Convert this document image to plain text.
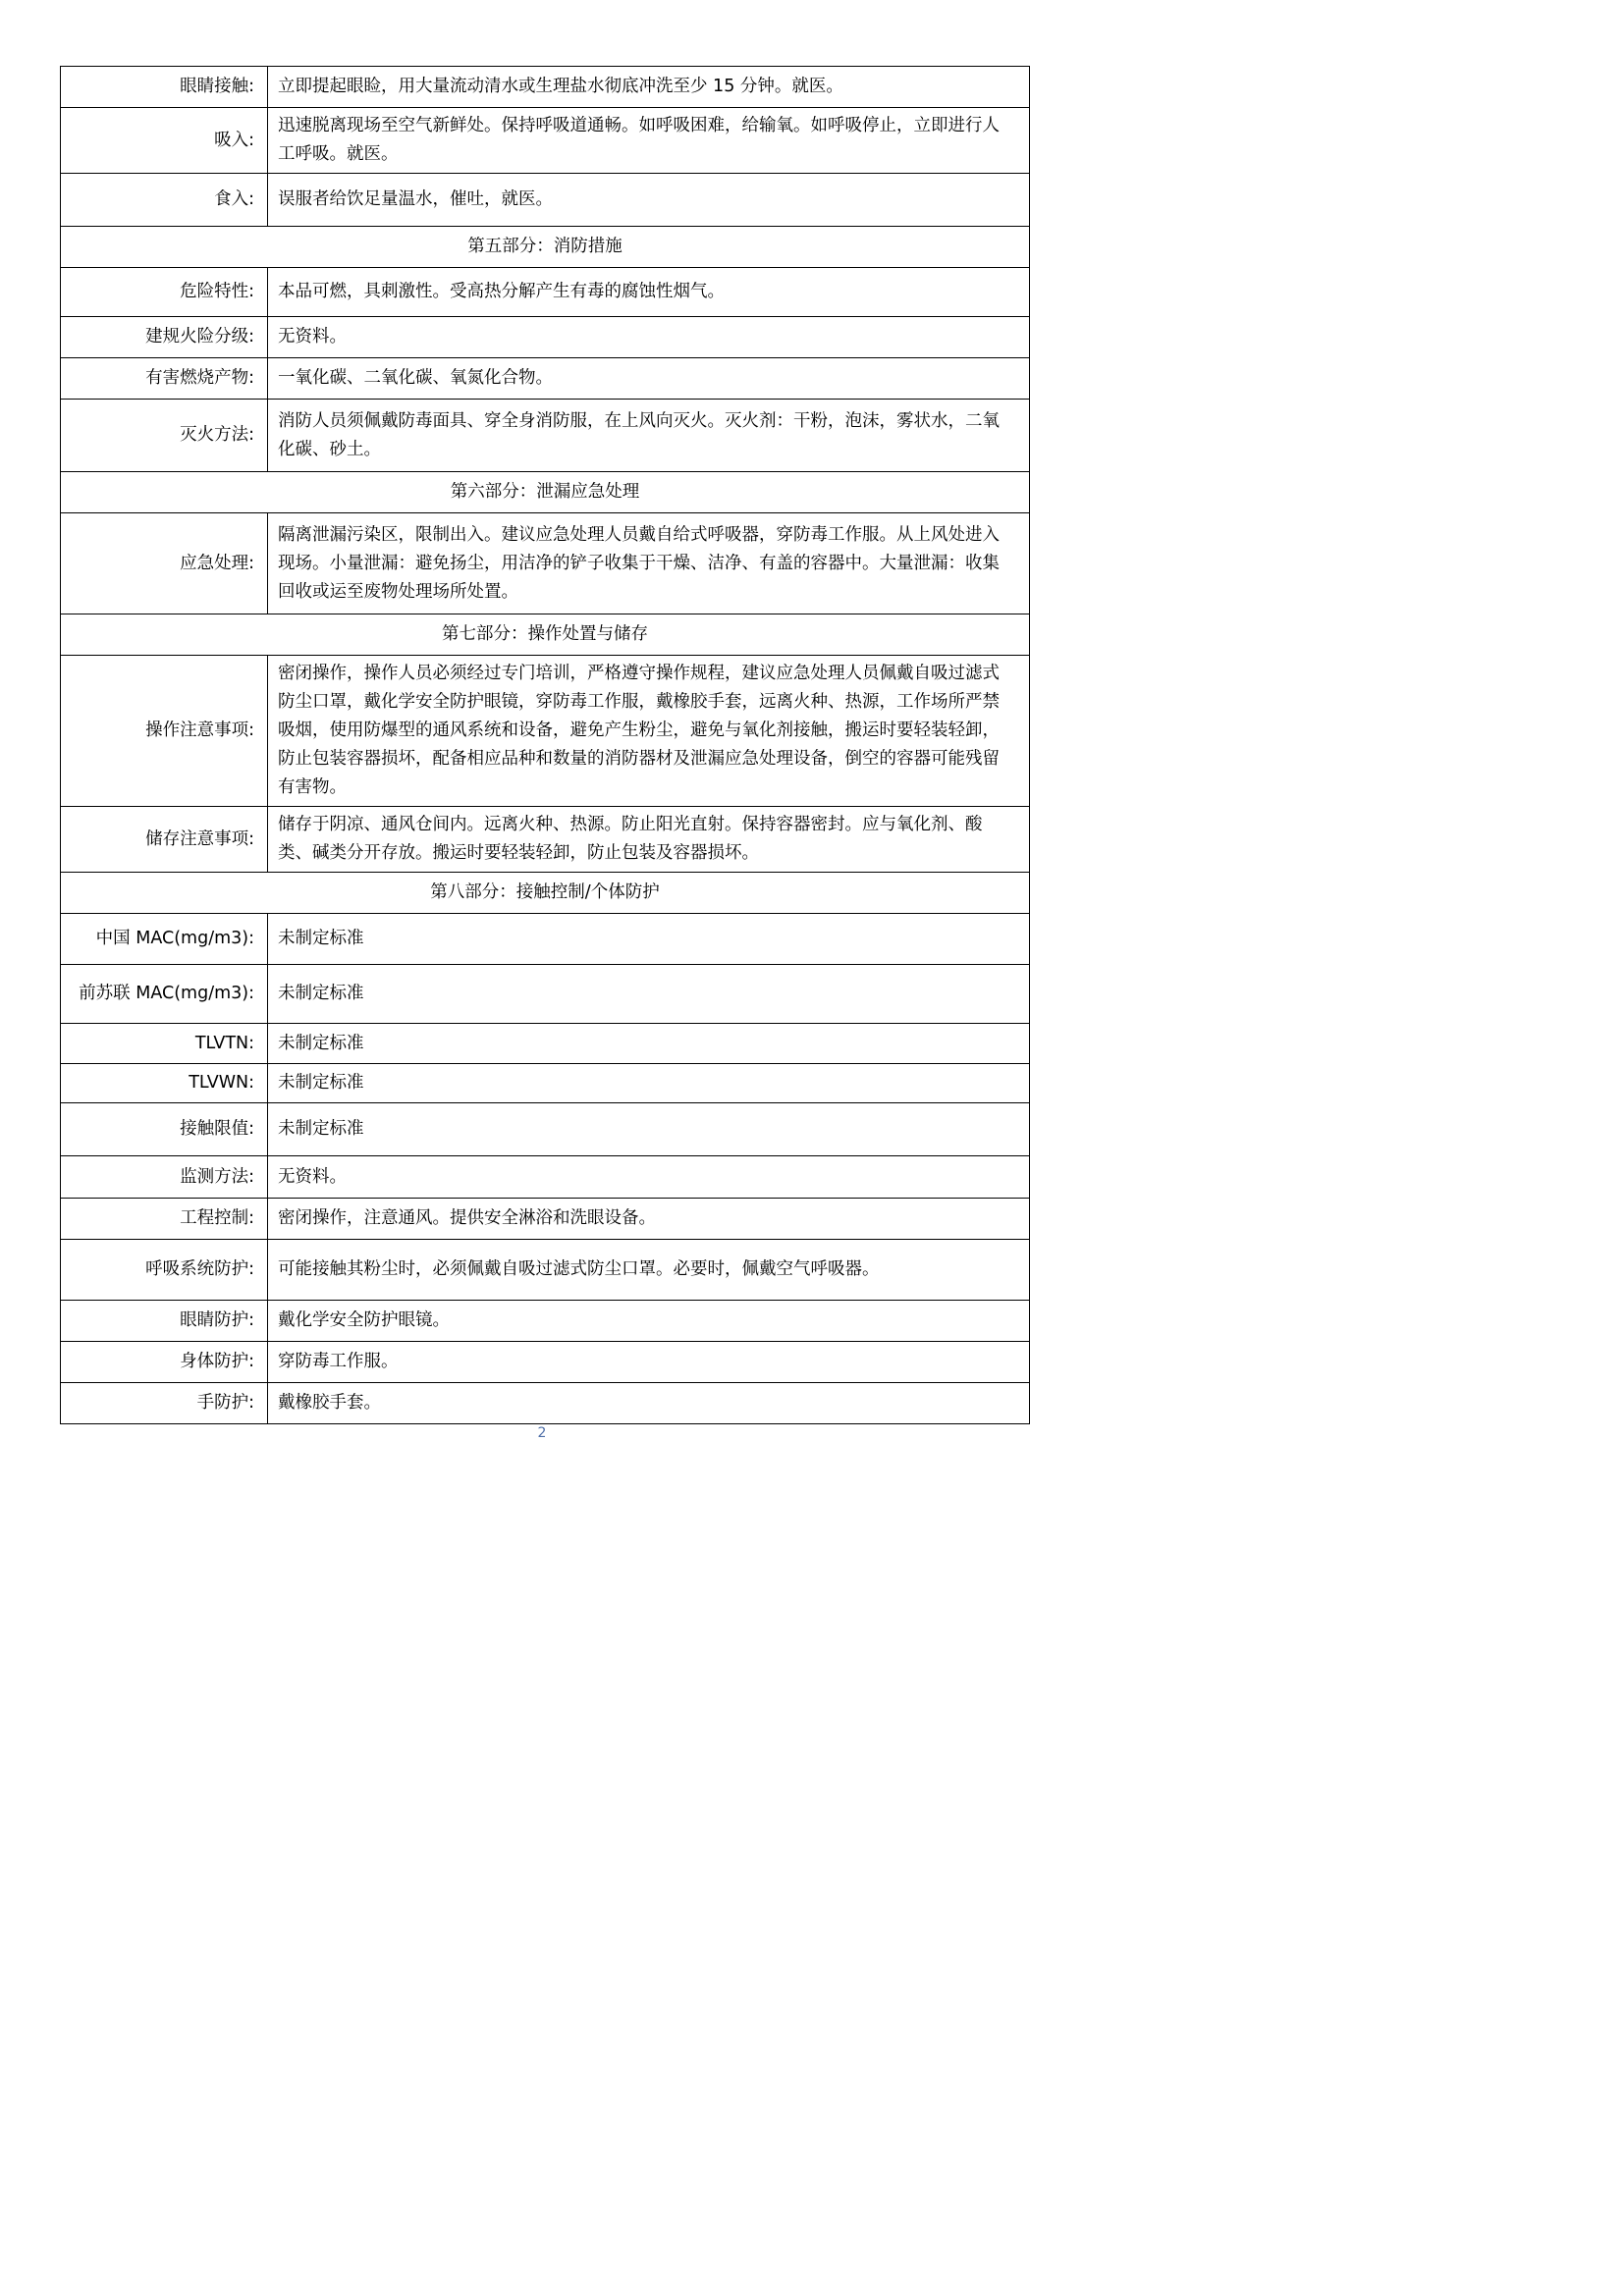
眼睛接触:	立即提起眼睑，用大量流动清水或生理盐水彻底冲洗至少 15 分钟。就医。
吸入:	迅速脱离现场至空气新鲜处。保持呼吸道通畅。如呼吸困难，给输氧。如呼吸停止，立即进行人工呼吸。就医。
食入:	误服者给饮足量温水，催吐，就医。
第五部分：消防措施	
危险特性:	本品可燃，具刺激性。受高热分解产生有毒的腐蚀性烟气。
建规火险分级:	无资料。
有害燃烧产物:	一氧化碳、二氧化碳、氧氮化合物。
灭火方法:	消防人员须佩戴防毒面具、穿全身消防服，在上风向灭火。灭火剂：干粉，泡沫，雾状水，二氧化碳、砂土。
第六部分：泄漏应急处理	
应急处理:	隔离泄漏污染区，限制出入。建议应急处理人员戴自给式呼吸器，穿防毒工作服。从上风处进入现场。小量泄漏：避免扬尘，用洁净的铲子收集于干燥、洁净、有盖的容器中。大量泄漏：收集回收或运至废物处理场所处置。
第七部分：操作处置与储存	
操作注意事项:	密闭操作，操作人员必须经过专门培训，严格遵守操作规程，建议应急处理人员佩戴自吸过滤式防尘口罩，戴化学安全防护眼镜，穿防毒工作服，戴橡胶手套，远离火种、热源，工作场所严禁吸烟，使用防爆型的通风系统和设备，避免产生粉尘，避免与氧化剂接触，搬运时要轻装轻卸，防止包装容器损坏，配备相应品种和数量的消防器材及泄漏应急处理设备，倒空的容器可能残留有害物。
储存注意事项:	储存于阴凉、通风仓间内。远离火种、热源。防止阳光直射。保持容器密封。应与氧化剂、酸类、碱类分开存放。搬运时要轻装轻卸，防止包装及容器损坏。
第八部分：接触控制/个体防护	
中国 MAC(mg/m3):	未制定标准
前苏联 MAC(mg/m3):	未制定标准
TLVTN:	未制定标准
TLVWN:	未制定标准
接触限值:	未制定标准
监测方法:	无资料。
工程控制:	密闭操作，注意通风。提供安全淋浴和洗眼设备。
呼吸系统防护:	可能接触其粉尘时，必须佩戴自吸过滤式防尘口罩。必要时，佩戴空气呼吸器。
眼睛防护:	戴化学安全防护眼镜。
身体防护:	穿防毒工作服。
手防护:	戴橡胶手套。
2
